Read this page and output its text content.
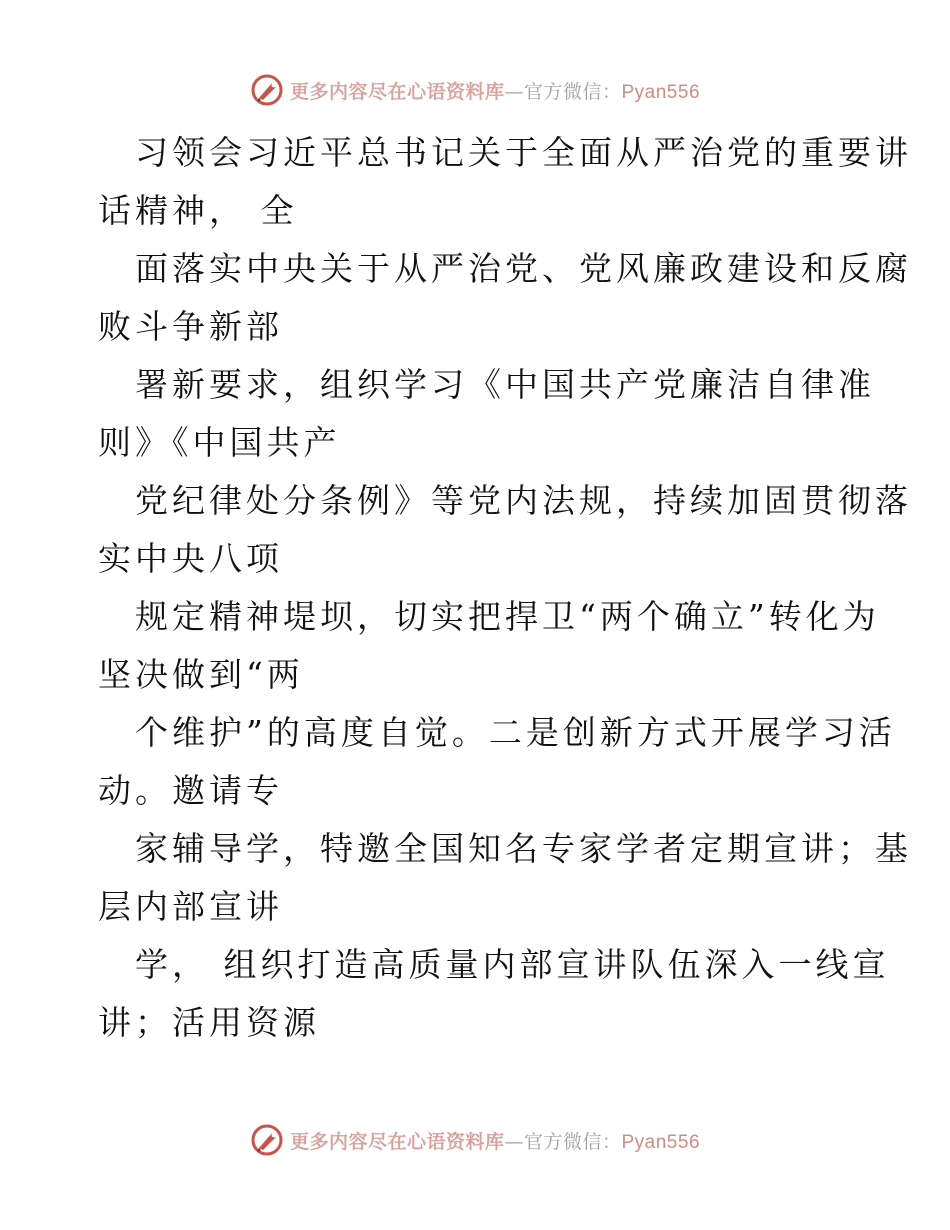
更多内容尽在心语资料库—官方微信：Pyan556

习领会习近平总书记关于全面从严治党的重要讲
话精神， 全

面落实中央关于从严治党、党风廉政建设和反腐
败斗争新部

署新要求，组织学习《中国共产党廉洁自律准
则》《中国共产

党纪律处分条例》等党内法规，持续加固贯彻落
实中央八项

规定精神堤坝，切实把捍卫“两个确立”转化为
坚决做到“两

个维护”的高度自觉。二是创新方式开展学习活
动。邀请专

家辅导学，特邀全国知名专家学者定期宣讲；基
层内部宣讲

学， 组织打造高质量内部宣讲队伍深入一线宣
讲；活用资源

更多内容尽在心语资料库—官方微信：Pyan556
